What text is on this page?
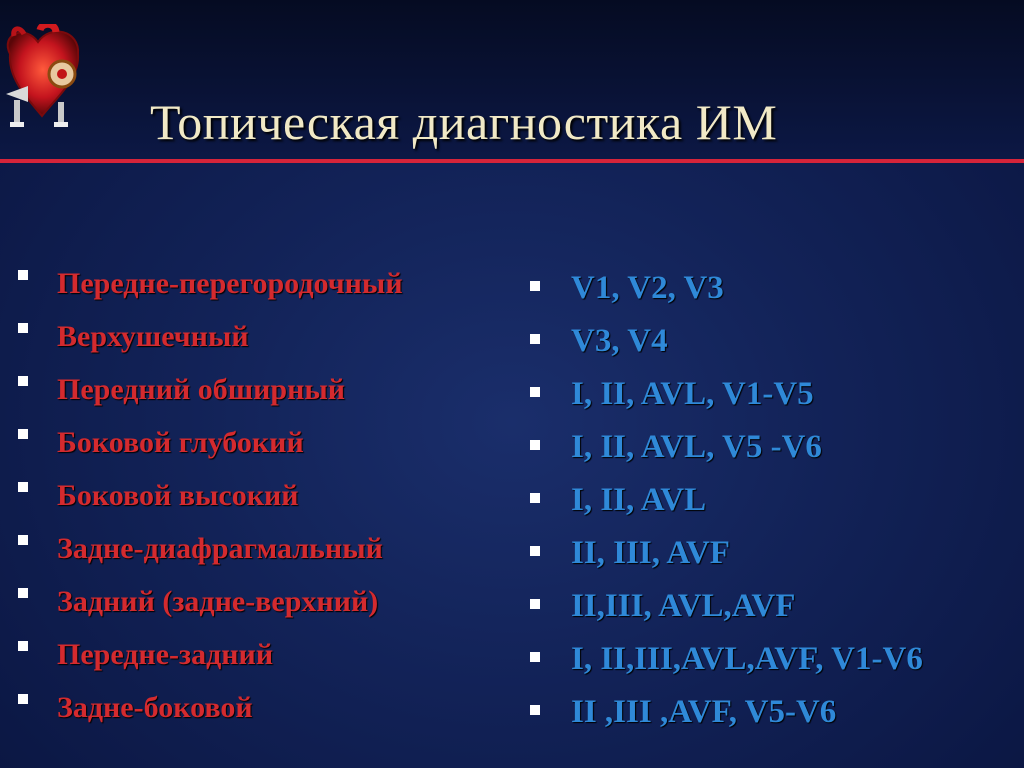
Топическая диагностика ИМ
Передне-перегородочный
Верхушечный
Передний обширный
Боковой глубокий
Боковой высокий
Задне-диафрагмальный
Задний (задне-верхний)
Передне-задний
Задне-боковой
V1, V2, V3
V3, V4
I, II, AVL, V1-V5
I, II, AVL, V5 -V6
I, II, AVL
II, III, AVF
II,III, AVL,AVF
I, II,III,AVL,AVF, V1-V6
II ,III ,AVF, V5-V6
